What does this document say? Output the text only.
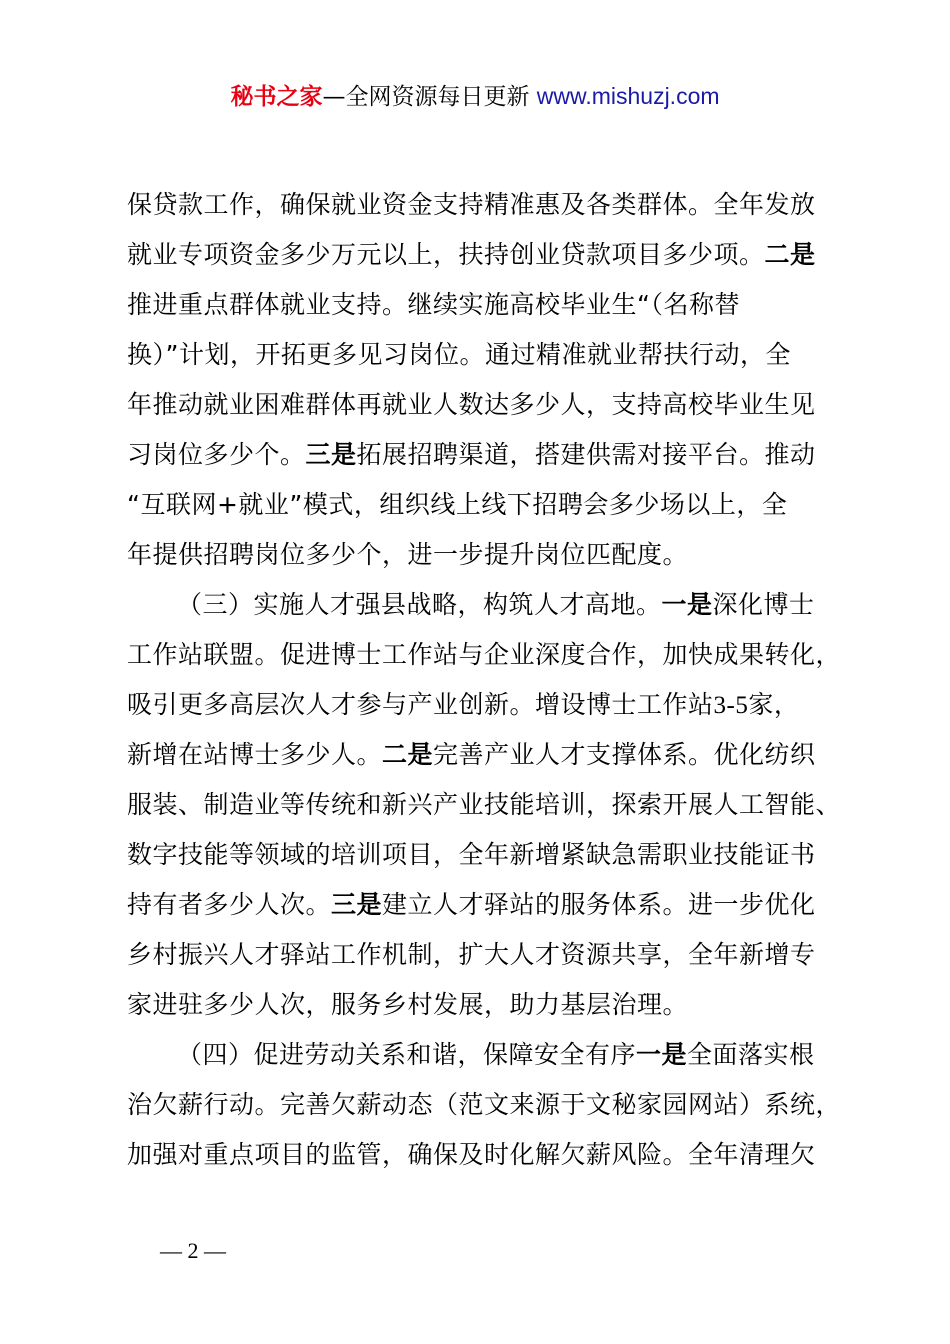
秘书之家—全网资源每日更新 www.mishuzj.com
保贷款工作，确保就业资金支持精准惠及各类群体。全年发放
就业专项资金多少万元以上，扶持创业贷款项目多少项。二是
推进重点群体就业支持。继续实施高校毕业生“（名称替
换）”计划，开拓更多见习岗位。通过精准就业帮扶行动，全
年推动就业困难群体再就业人数达多少人，支持高校毕业生见
习岗位多少个。三是拓展招聘渠道，搭建供需对接平台。推动
“互联网+就业”模式，组织线上线下招聘会多少场以上，全
年提供招聘岗位多少个，进一步提升岗位匹配度。
（三）实施人才强县战略，构筑人才高地。一是深化博士
工作站联盟。促进博士工作站与企业深度合作，加快成果转化，
吸引更多高层次人才参与产业创新。增设博士工作站3-5家，
新增在站博士多少人。二是完善产业人才支撑体系。优化纺织
服装、制造业等传统和新兴产业技能培训，探索开展人工智能、
数字技能等领域的培训项目，全年新增紧缺急需职业技能证书
持有者多少人次。三是建立人才驿站的服务体系。进一步优化
乡村振兴人才驿站工作机制，扩大人才资源共享，全年新增专
家进驻多少人次，服务乡村发展，助力基层治理。
（四）促进劳动关系和谐，保障安全有序一是全面落实根
治欠薪行动。完善欠薪动态（范文来源于文秘家园网站）系统，
加强对重点项目的监管，确保及时化解欠薪风险。全年清理欠
— 2 —
